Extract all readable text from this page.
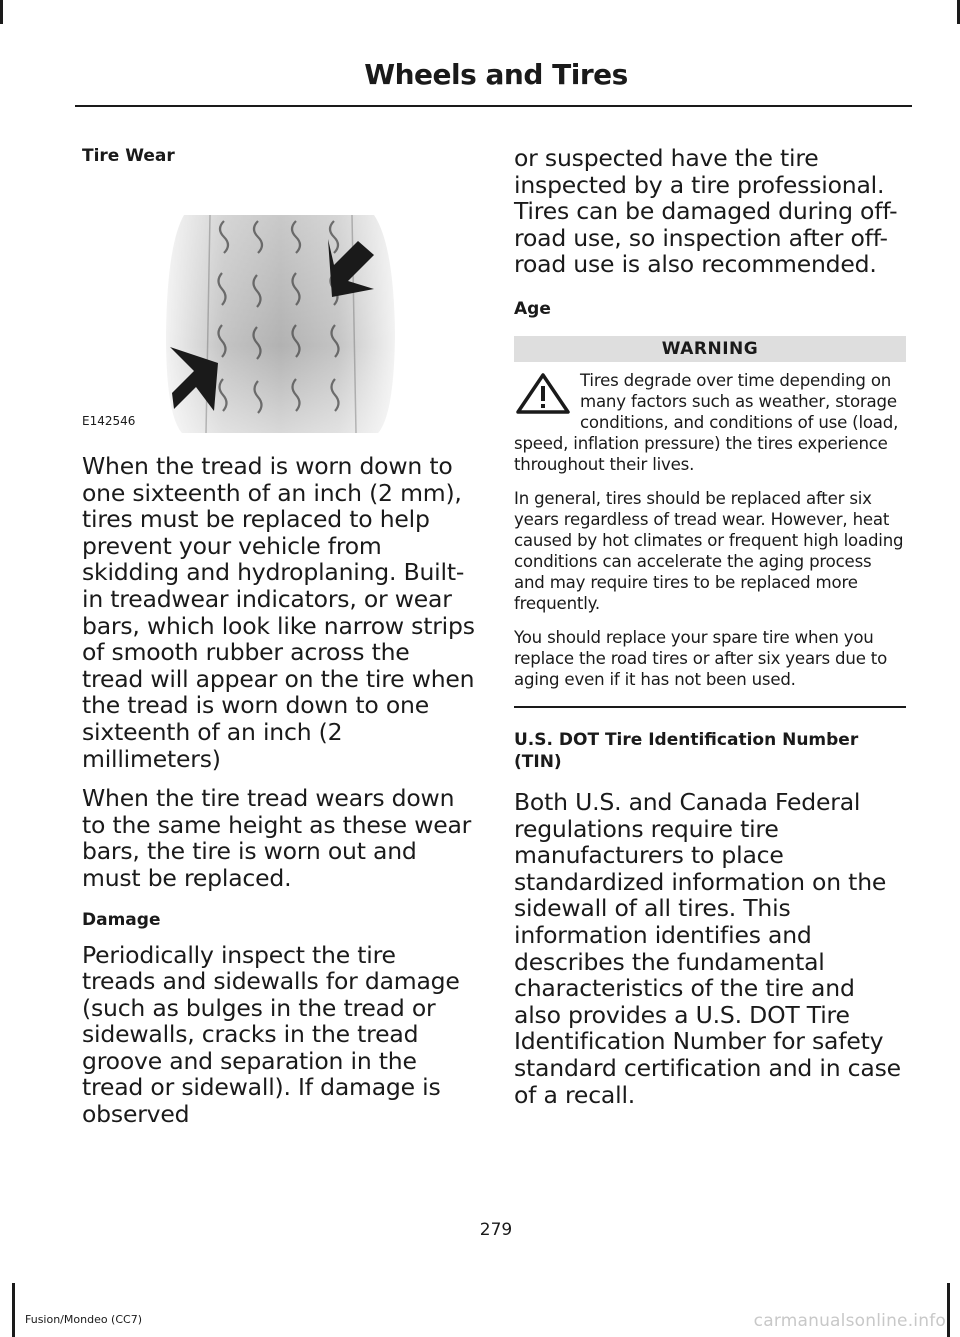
Wheels and Tires

Tire Wear

E142546

When the tread is worn down to one sixteenth of an inch (2 mm), tires must be replaced to help prevent your vehicle from skidding and hydroplaning. Built-in treadwear indicators, or wear bars, which look like narrow strips of smooth rubber across the tread will appear on the tire when the tread is worn down to one sixteenth of an inch (2 millimeters)

When the tire tread wears down to the same height as these wear bars, the tire is worn out and must be replaced.

Damage

Periodically inspect the tire treads and sidewalls for damage (such as bulges in the tread or sidewalls, cracks in the tread groove and separation in the tread or sidewall). If damage is observed

or suspected have the tire inspected by a tire professional. Tires can be damaged during off-road use, so inspection after off-road use is also recommended.

Age

WARNING

Tires degrade over time depending on many factors such as weather, storage conditions, and conditions of use (load, speed, inflation pressure) the tires experience throughout their lives.

In general, tires should be replaced after six years regardless of tread wear. However, heat caused by hot climates or frequent high loading conditions can accelerate the aging process and may require tires to be replaced more frequently.

You should replace your spare tire when you replace the road tires or after six years due to aging even if it has not been used.

U.S. DOT Tire Identification Number (TIN)

Both U.S. and Canada Federal regulations require tire manufacturers to place standardized information on the sidewall of all tires. This information identifies and describes the fundamental characteristics of the tire and also provides a U.S. DOT Tire Identification Number for safety standard certification and in case of a recall.

279
Fusion/Mondeo (CC7)	carmanualsonline.info
